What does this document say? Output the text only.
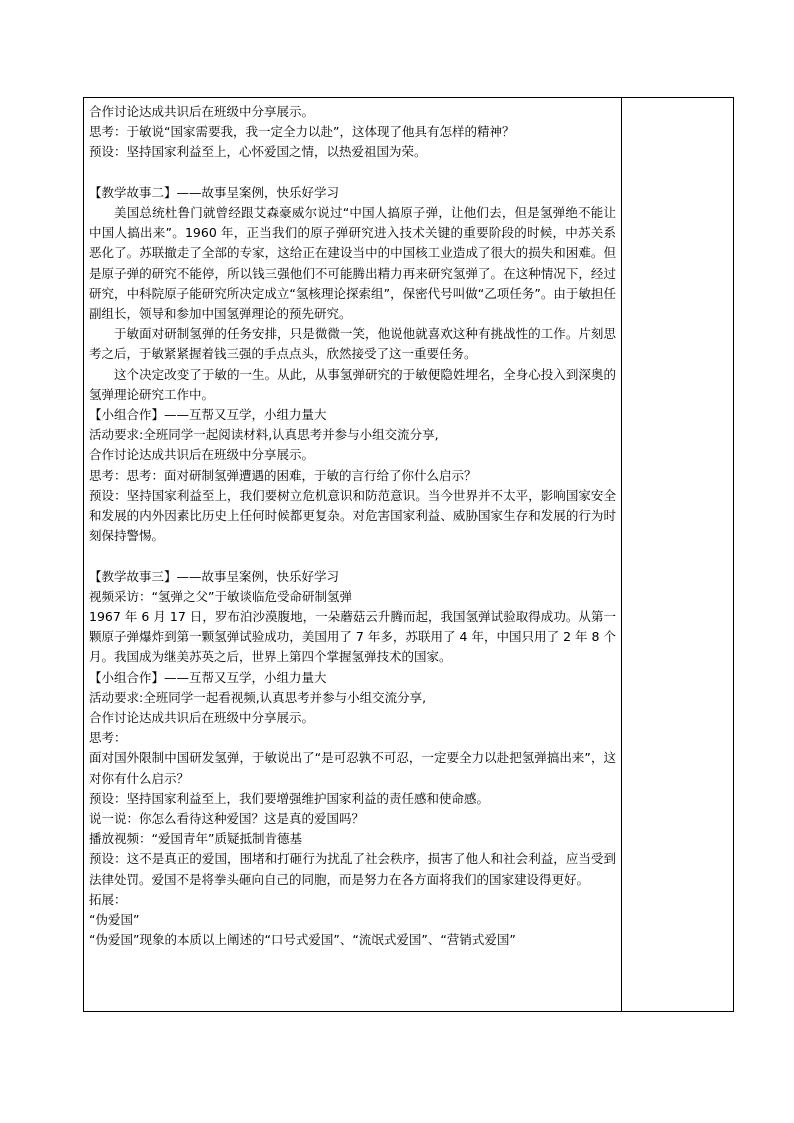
合作讨论达成共识后在班级中分享展示。

思考：于敏说“国家需要我，我一定全力以赴”，这体现了他具有怎样的精神？

预设：坚持国家利益至上，心怀爱国之情，以热爱祖国为荣。

【教学故事二】——故事呈案例，快乐好学习

美国总统杜鲁门就曾经跟艾森豪威尔说过“中国人搞原子弹，让他们去，但是氢弹绝不能让中国人搞出来”。1960 年，正当我们的原子弹研究进入技术关键的重要阶段的时候，中苏关系恶化了。苏联撤走了全部的专家，这给正在建设当中的中国核工业造成了很大的损失和困难。但是原子弹的研究不能停，所以钱三强他们不可能腾出精力再来研究氢弹了。在这种情况下，经过研究，中科院原子能研究所决定成立“氢核理论探索组”，保密代号叫做“乙项任务”。由于敏担任副组长，领导和参加中国氢弹理论的预先研究。

于敏面对研制氢弹的任务安排，只是微微一笑，他说他就喜欢这种有挑战性的工作。片刻思考之后，于敏紧紧握着钱三强的手点点头，欣然接受了这一重要任务。

这个决定改变了于敏的一生。从此，从事氢弹研究的于敏便隐姓埋名，全身心投入到深奥的氢弹理论研究工作中。

【小组合作】——互帮又互学，小组力量大

活动要求:全班同学一起阅读材料,认真思考并参与小组交流分享,

合作讨论达成共识后在班级中分享展示。

思考：思考：面对研制氢弹遭遇的困难，于敏的言行给了你什么启示？

预设：坚持国家利益至上，我们要树立危机意识和防范意识。当今世界并不太平，影响国家安全和发展的内外因素比历史上任何时候都更复杂。对危害国家利益、威胁国家生存和发展的行为时刻保持警惕。

【教学故事三】——故事呈案例，快乐好学习

视频采访：“氢弹之父”于敏谈临危受命研制氢弹

1967 年 6 月 17 日，罗布泊沙漠腹地，一朵蘑菇云升腾而起，我国氢弹试验取得成功。从第一颗原子弹爆炸到第一颗氢弹试验成功，美国用了 7 年多，苏联用了 4 年，中国只用了 2 年 8 个月。我国成为继美苏英之后，世界上第四个掌握氢弹技术的国家。

【小组合作】——互帮又互学，小组力量大

活动要求:全班同学一起看视频,认真思考并参与小组交流分享,

合作讨论达成共识后在班级中分享展示。

思考：

面对国外限制中国研发氢弹，于敏说出了“是可忍孰不可忍，一定要全力以赴把氢弹搞出来”，这对你有什么启示？

预设：坚持国家利益至上，我们要增强维护国家利益的责任感和使命感。

说一说：你怎么看待这种爱国？这是真的爱国吗？

播放视频：“爱国青年”质疑抵制肯德基

预设：这不是真正的爱国，围堵和打砸行为扰乱了社会秩序，损害了他人和社会利益，应当受到法律处罚。爱国不是将拳头砸向自己的同胞，而是努力在各方面将我们的国家建设得更好。

拓展：

“伪爱国”

“伪爱国”现象的本质以上阐述的“口号式爱国”、“流氓式爱国”、“营销式爱国”
